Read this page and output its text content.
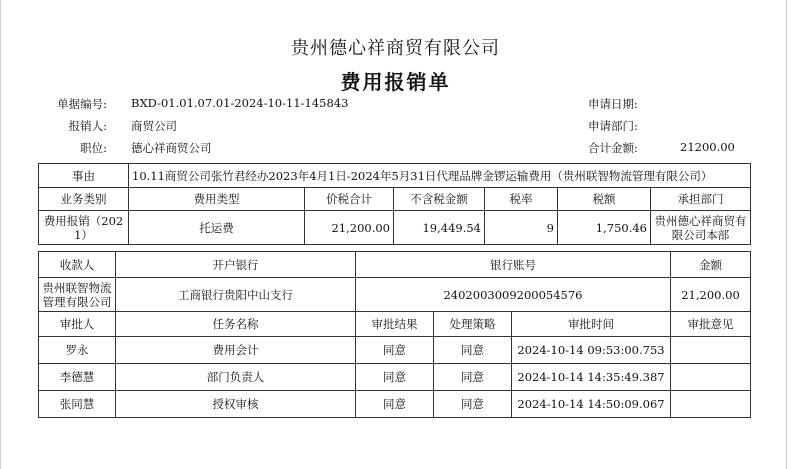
贵州德心祥商贸有限公司
费用报销单
单据编号: BXD-01.01.07.01-2024-10-11-145843
报销人: 商贸公司
职位: 德心祥商贸公司
申请日期:
申请部门:
合计金额:	21200.00
事由	10.11商贸公司张竹君经办2023年4月1日-2024年5月31日代理品牌金锣运输费用（贵州联智物流管理有限公司）					
业务类别	费用类型	价税合计	不含税金额	税率	税额	承担部门
费用报销（2021）	托运费	21,200.00	19,449.54	9	1,750.46	贵州德心祥商贸有限公司本部
收款人	开户银行	银行账号	金额
贵州联智物流管理有限公司	工商银行贵阳中山支行	2402003009200054576	21,200.00
审批人	任务名称	审批结果	处理策略	审批时间	审批意见
罗永	费用会计	同意	同意	2024-10-14 09:53:00.753	
李德慧	部门负责人	同意	同意	2024-10-14 14:35:49.387	
张同慧	授权审核	同意	同意	2024-10-14 14:50:09.067	
